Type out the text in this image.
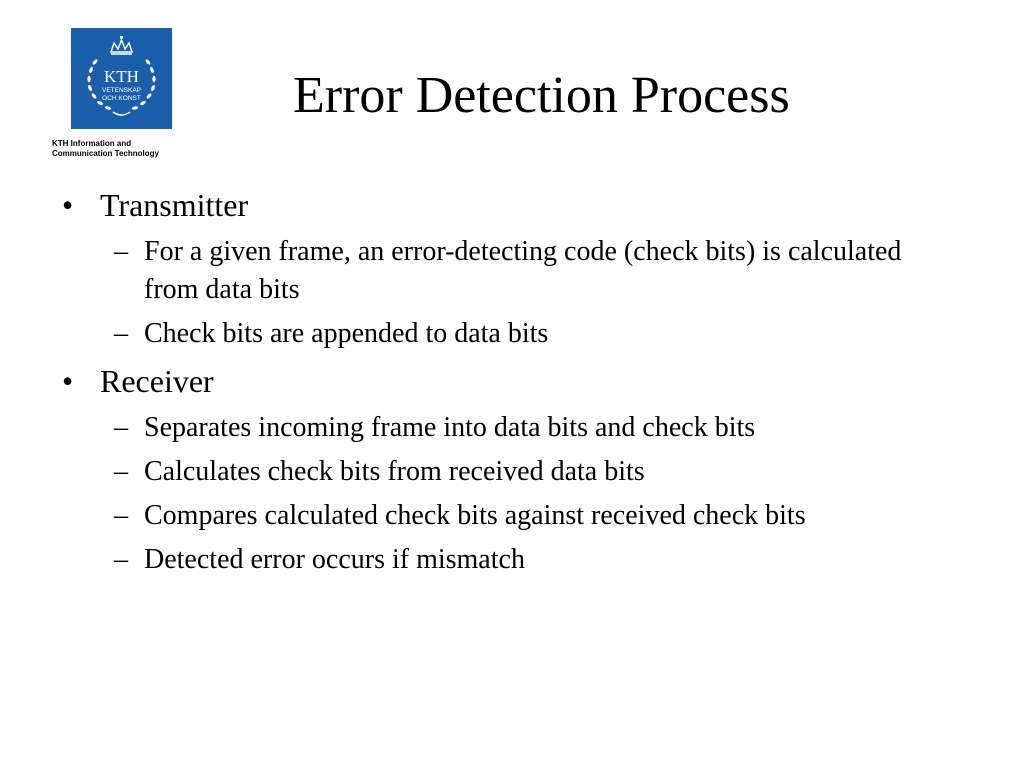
KTH
VETENSKAP
OCH KONST
KTH Information and
Communication Technology
Error Detection Process
• Transmitter
– For a given frame, an error-detecting code (check bits) is calculated from data bits
– Check bits are appended to data bits
• Receiver
– Separates incoming frame into data bits and check bits
– Calculates check bits from received data bits
– Compares calculated check bits against received check bits
– Detected error occurs if mismatch
